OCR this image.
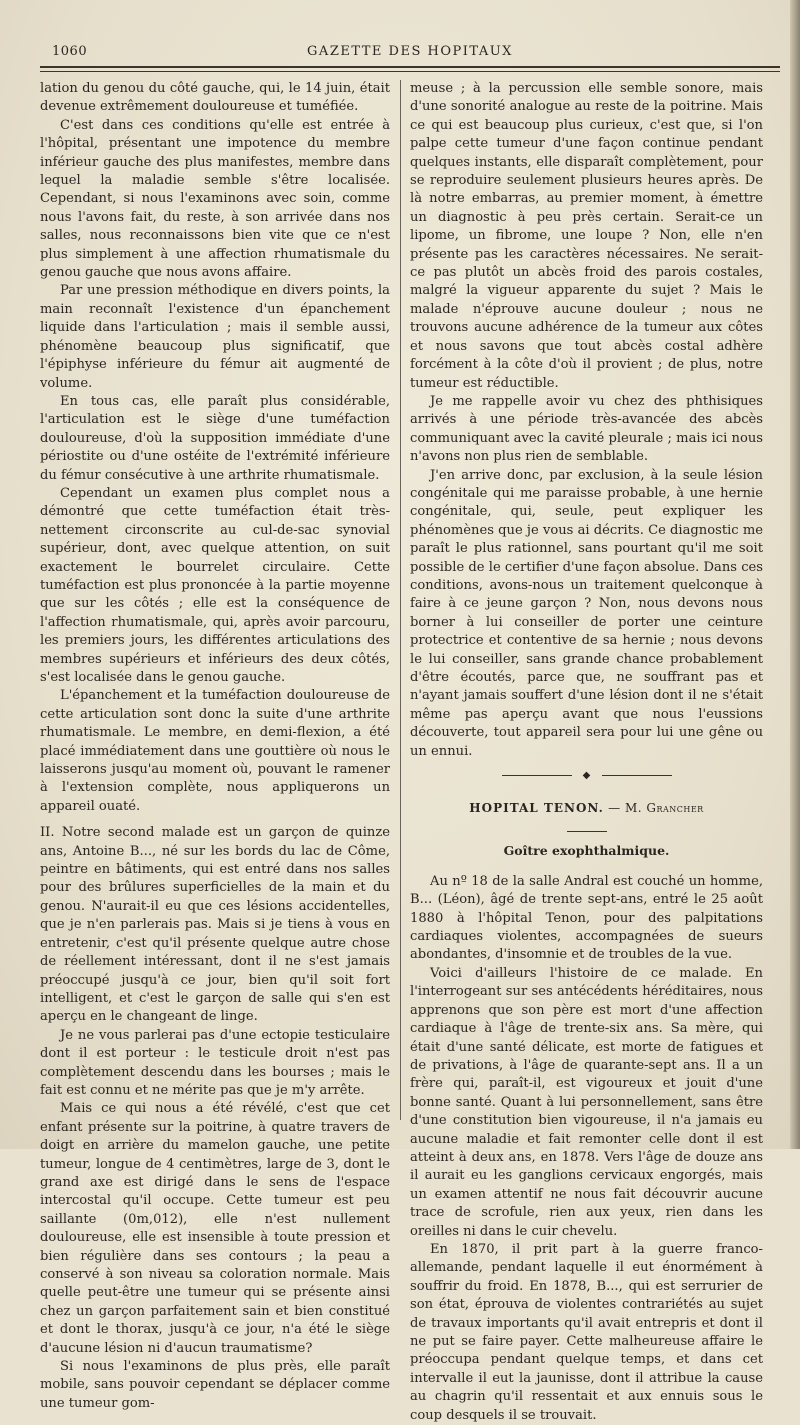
1060	GAZETTE DES HOPITAUX

lation du genou du côté gauche, qui, le 14 juin, était devenue extrêmement douloureuse et tuméfiée.

C'est dans ces conditions qu'elle est entrée à l'hôpital, présentant une impotence du membre inférieur gauche des plus manifestes, membre dans lequel la maladie semble s'être localisée. Cependant, si nous l'examinons avec soin, comme nous l'avons fait, du reste, à son arrivée dans nos salles, nous reconnaissons bien vite que ce n'est plus simplement à une affection rhumatismale du genou gauche que nous avons affaire.

Par une pression méthodique en divers points, la main reconnaît l'existence d'un épanchement liquide dans l'articulation ; mais il semble aussi, phénomène beaucoup plus significatif, que l'épiphyse inférieure du fémur ait augmenté de volume.

En tous cas, elle paraît plus considérable, l'articulation est le siège d'une tuméfaction douloureuse, d'où la supposition immédiate d'une périostite ou d'une ostéite de l'extrémité inférieure du fémur consécutive à une arthrite rhumatismale.

Cependant un examen plus complet nous a démontré que cette tuméfaction était très-nettement circonscrite au cul-de-sac synovial supérieur, dont, avec quelque attention, on suit exactement le bourrelet circulaire. Cette tuméfaction est plus prononcée à la partie moyenne que sur les côtés ; elle est la conséquence de l'affection rhumatismale, qui, après avoir parcouru, les premiers jours, les différentes articulations des membres supérieurs et inférieurs des deux côtés, s'est localisée dans le genou gauche.

L'épanchement et la tuméfaction douloureuse de cette articulation sont donc la suite d'une arthrite rhumatismale. Le membre, en demi-flexion, a été placé immédiatement dans une gouttière où nous le laisserons jusqu'au moment où, pouvant le ramener à l'extension complète, nous appliquerons un appareil ouaté.

II. Notre second malade est un garçon de quinze ans, Antoine B..., né sur les bords du lac de Côme, peintre en bâtiments, qui est entré dans nos salles pour des brûlures superficielles de la main et du genou. N'aurait-il eu que ces lésions accidentelles, que je n'en parlerais pas. Mais si je tiens à vous en entretenir, c'est qu'il présente quelque autre chose de réellement intéressant, dont il ne s'est jamais préoccupé jusqu'à ce jour, bien qu'il soit fort intelligent, et c'est le garçon de salle qui s'en est aperçu en le changeant de linge.

Je ne vous parlerai pas d'une ectopie testiculaire dont il est porteur : le testicule droit n'est pas complètement descendu dans les bourses ; mais le fait est connu et ne mérite pas que je m'y arrête.

Mais ce qui nous a été révélé, c'est que cet enfant présente sur la poitrine, à quatre travers de doigt en arrière du mamelon gauche, une petite tumeur, longue de 4 centimètres, large de 3, dont le grand axe est dirigé dans le sens de l'espace intercostal qu'il occupe. Cette tumeur est peu saillante (0m,012), elle n'est nullement douloureuse, elle est insensible à toute pression et bien régulière dans ses contours ; la peau a conservé à son niveau sa coloration normale. Mais quelle peut-être une tumeur qui se présente ainsi chez un garçon parfaitement sain et bien constitué et dont le thorax, jusqu'à ce jour, n'a été le siège d'aucune lésion ni d'aucun traumatisme?

Si nous l'examinons de plus près, elle paraît mobile, sans pouvoir cependant se déplacer comme une tumeur gom-

meuse ; à la percussion elle semble sonore, mais d'une sonorité analogue au reste de la poitrine. Mais ce qui est beaucoup plus curieux, c'est que, si l'on palpe cette tumeur d'une façon continue pendant quelques instants, elle disparaît complètement, pour se reproduire seulement plusieurs heures après. De là notre embarras, au premier moment, à émettre un diagnostic à peu près certain. Serait-ce un lipome, un fibrome, une loupe ? Non, elle n'en présente pas les caractères nécessaires. Ne serait-ce pas plutôt un abcès froid des parois costales, malgré la vigueur apparente du sujet ? Mais le malade n'éprouve aucune douleur ; nous ne trouvons aucune adhérence de la tumeur aux côtes et nous savons que tout abcès costal adhère forcément à la côte d'où il provient ; de plus, notre tumeur est réductible.

Je me rappelle avoir vu chez des phthisiques arrivés à une période très-avancée des abcès communiquant avec la cavité pleurale ; mais ici nous n'avons non plus rien de semblable.

J'en arrive donc, par exclusion, à la seule lésion congénitale qui me paraisse probable, à une hernie congénitale, qui, seule, peut expliquer les phénomènes que je vous ai décrits. Ce diagnostic me paraît le plus rationnel, sans pourtant qu'il me soit possible de le certifier d'une façon absolue. Dans ces conditions, avons-nous un traitement quelconque à faire à ce jeune garçon ? Non, nous devons nous borner à lui conseiller de porter une ceinture protectrice et contentive de sa hernie ; nous devons le lui conseiller, sans grande chance probablement d'être écoutés, parce que, ne souffrant pas et n'ayant jamais souffert d'une lésion dont il ne s'était même pas aperçu avant que nous l'eussions découverte, tout appareil sera pour lui une gêne ou un ennui.

◆
HOPITAL TENON. — M. Grancher
Goître exophthalmique.

Au nº 18 de la salle Andral est couché un homme, B... (Léon), âgé de trente sept-ans, entré le 25 août 1880 à l'hôpital Tenon, pour des palpitations cardiaques violentes, accompagnées de sueurs abondantes, d'insomnie et de troubles de la vue.

Voici d'ailleurs l'histoire de ce malade. En l'interrogeant sur ses antécédents héréditaires, nous apprenons que son père est mort d'une affection cardiaque à l'âge de trente-six ans. Sa mère, qui était d'une santé délicate, est morte de fatigues et de privations, à l'âge de quarante-sept ans. Il a un frère qui, paraît-il, est vigoureux et jouit d'une bonne santé. Quant à lui personnellement, sans être d'une constitution bien vigoureuse, il n'a jamais eu aucune maladie et fait remonter celle dont il est atteint à deux ans, en 1878. Vers l'âge de douze ans il aurait eu les ganglions cervicaux engorgés, mais un examen attentif ne nous fait découvrir aucune trace de scrofule, rien aux yeux, rien dans les oreilles ni dans le cuir chevelu.

En 1870, il prit part à la guerre franco-allemande, pendant laquelle il eut énormément à souffrir du froid. En 1878, B..., qui est serrurier de son état, éprouva de violentes contrariétés au sujet de travaux importants qu'il avait entrepris et dont il ne put se faire payer. Cette malheureuse affaire le préoccupa pendant quelque temps, et dans cet intervalle il eut la jaunisse, dont il attribue la cause au chagrin qu'il ressentait et aux ennuis sous le coup desquels il se trouvait.
